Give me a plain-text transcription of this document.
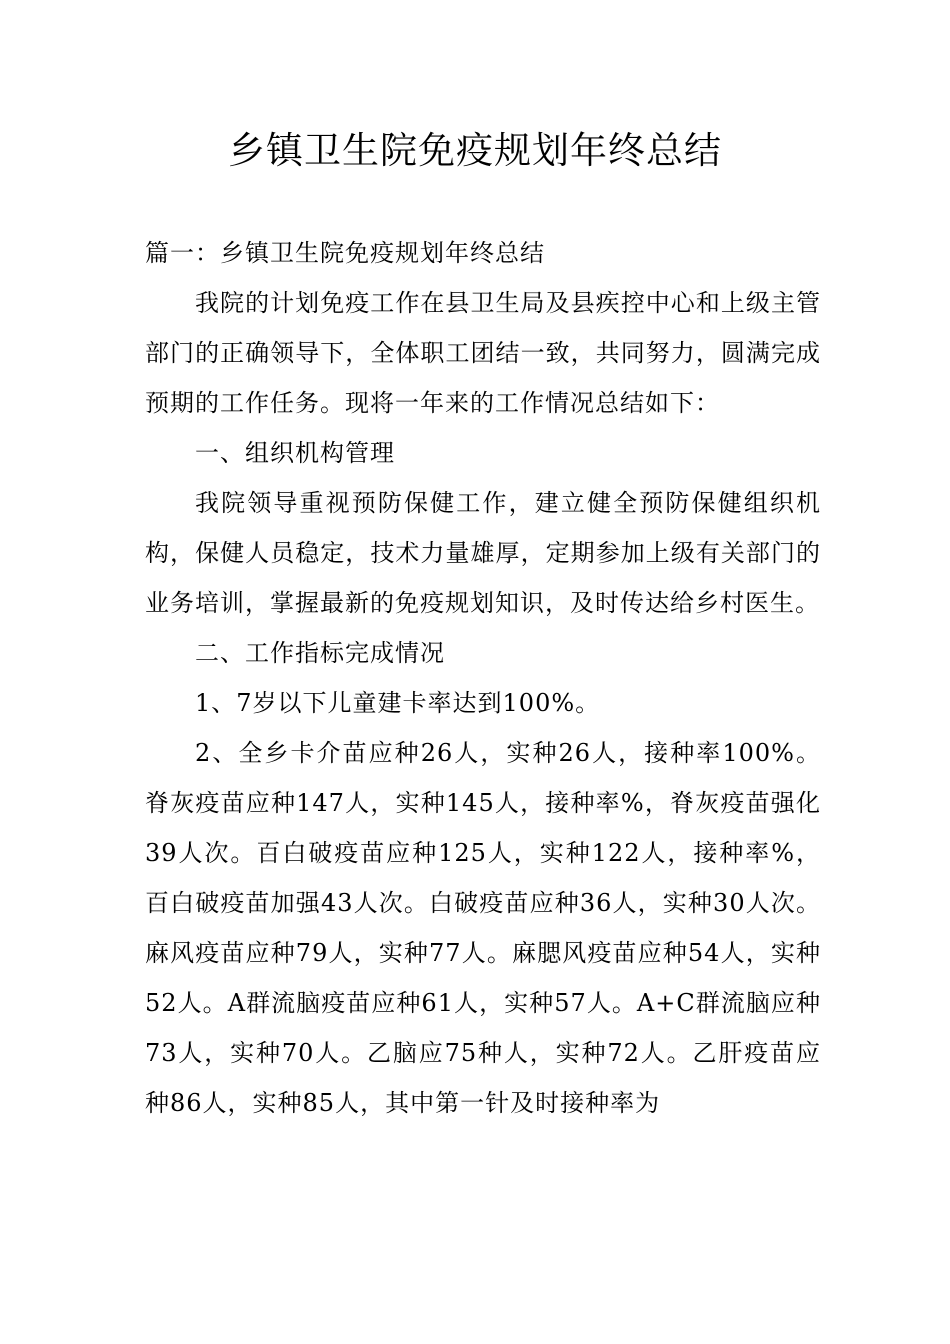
乡镇卫生院免疫规划年终总结

篇一：乡镇卫生院免疫规划年终总结

我院的计划免疫工作在县卫生局及县疾控中心和上级主管部门的正确领导下，全体职工团结一致，共同努力，圆满完成预期的工作任务。现将一年来的工作情况总结如下：

一、组织机构管理

我院领导重视预防保健工作，建立健全预防保健组织机构，保健人员稳定，技术力量雄厚，定期参加上级有关部门的业务培训，掌握最新的免疫规划知识，及时传达给乡村医生。

二、工作指标完成情况

1、7岁以下儿童建卡率达到100%。

2、全乡卡介苗应种26人，实种26人，接种率100%。脊灰疫苗应种147人，实种145人，接种率%，脊灰疫苗强化39人次。百白破疫苗应种125人，实种122人，接种率%，百白破疫苗加强43人次。白破疫苗应种36人，实种30人次。麻风疫苗应种79人，实种77人。麻腮风疫苗应种54人，实种52人。A群流脑疫苗应种61人，实种57人。A+C群流脑应种73人，实种70人。乙脑应75种人，实种72人。乙肝疫苗应种86人，实种85人，其中第一针及时接种率为
